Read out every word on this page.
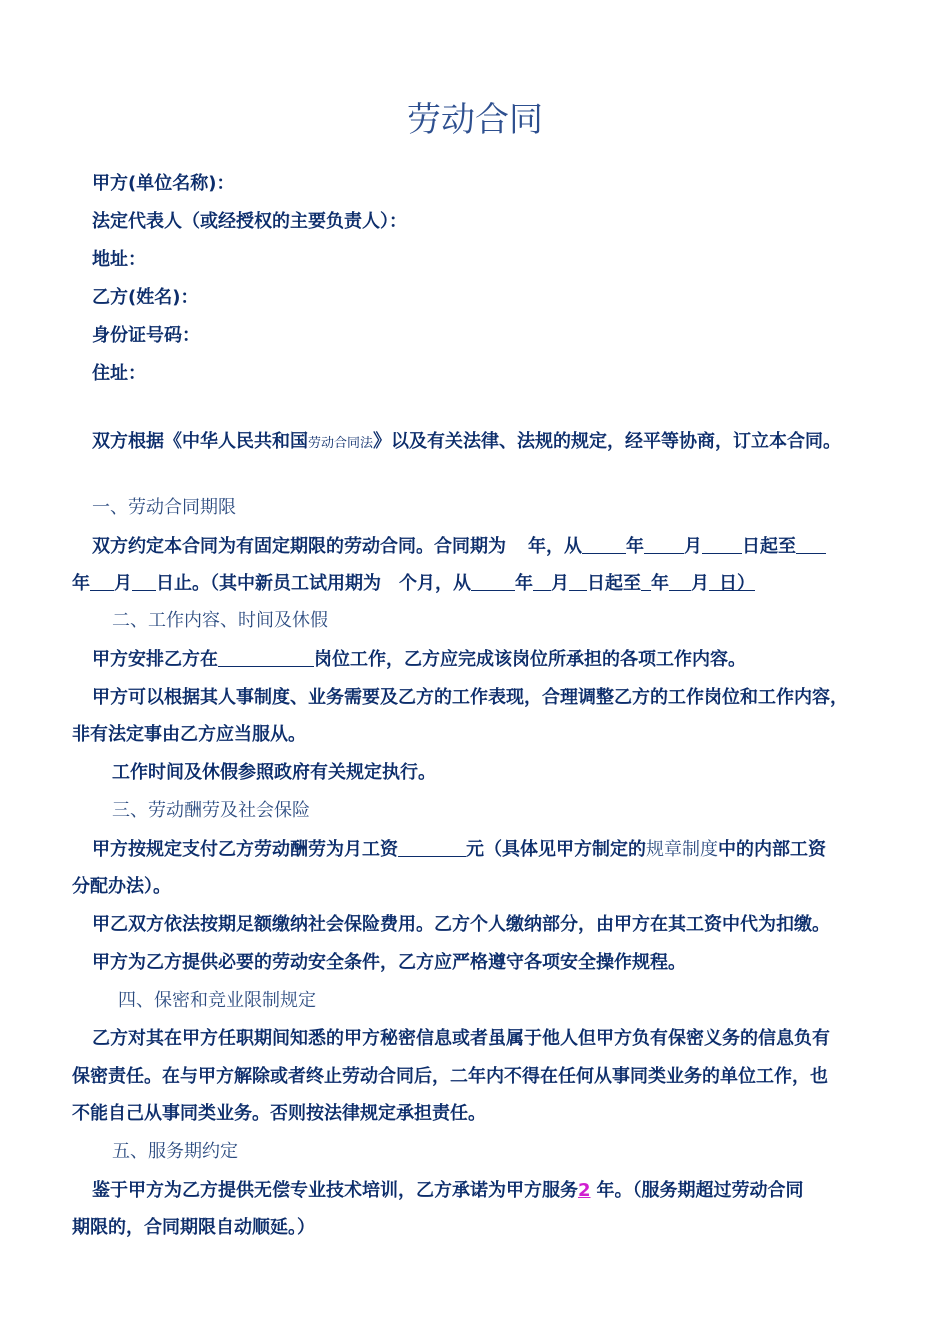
劳动合同
甲方(单位名称)：
法定代表人（或经授权的主要负责人）：
地址：
乙方(姓名)：
身份证号码：
住址：
双方根据《中华人民共和国劳动合同法》以及有关法律、法规的规定，经平等协商，订立本合同。
一、劳动合同期限
双方约定本合同为有固定期限的劳动合同。合同期为 年，从 年 月 日起至
年 月 日止。（其中新员工试用期为 个月，从 年 月 日起至 年 月 日）
二、工作内容、时间及休假
甲方安排乙方在	岗位工作，乙方应完成该岗位所承担的各项工作内容。
甲方可以根据其人事制度、业务需要及乙方的工作表现，合理调整乙方的工作岗位和工作内容，
非有法定事由乙方应当服从。
工作时间及休假参照政府有关规定执行。
三、劳动酬劳及社会保险
甲方按规定支付乙方劳动酬劳为月工资	元（具体见甲方制定的规章制度中的内部工资
分配办法）。
甲乙双方依法按期足额缴纳社会保险费用。乙方个人缴纳部分，由甲方在其工资中代为扣缴。
甲方为乙方提供必要的劳动安全条件，乙方应严格遵守各项安全操作规程。
四、保密和竞业限制规定
乙方对其在甲方任职期间知悉的甲方秘密信息或者虽属于他人但甲方负有保密义务的信息负有
保密责任。在与甲方解除或者终止劳动合同后，二年内不得在任何从事同类业务的单位工作，也
不能自己从事同类业务。否则按法律规定承担责任。
五、服务期约定
鉴于甲方为乙方提供无偿专业技术培训，乙方承诺为甲方服务2 年。（服务期超过劳动合同
期限的，合同期限自动顺延。）
